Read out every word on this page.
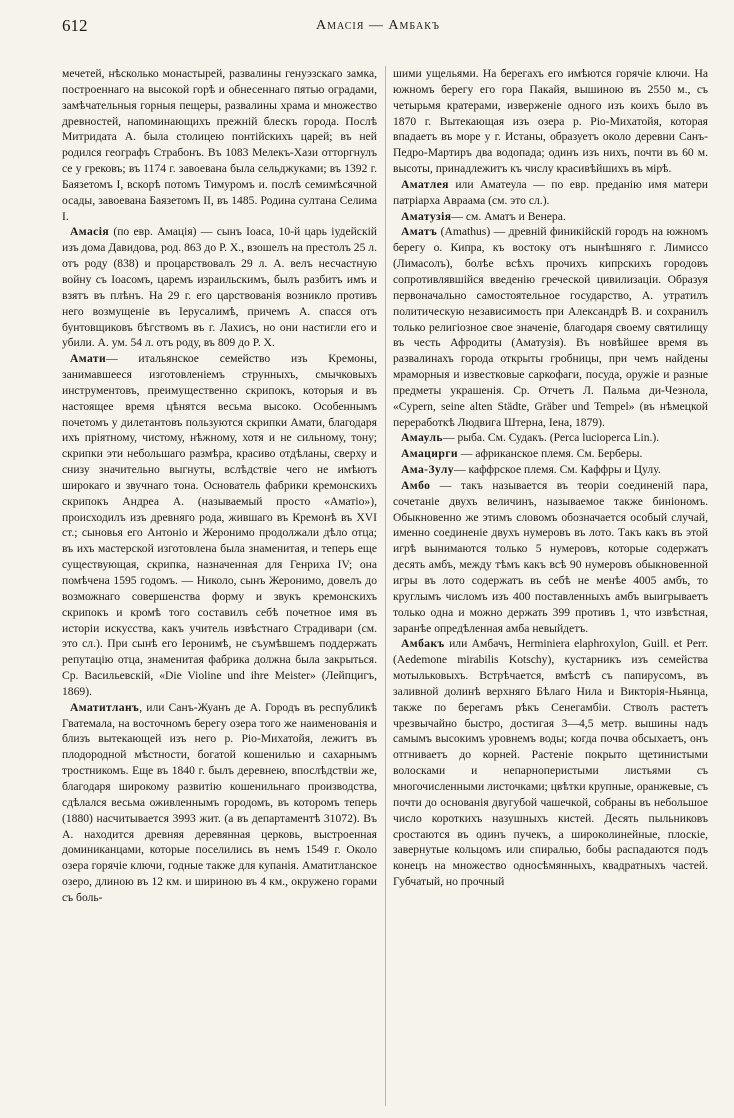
612	Амасія — Амбакъ

мечетей, нѣсколько монастырей, развалины генуэзскаго замка, построеннаго на высокой горѣ и обнесеннаго пятью оградами, замѣчательныя горныя пещеры, развалины храма и множество древностей, напоминающихъ прежній блескъ города. Послѣ Митридата А. была столицею понтійскихъ царей; въ ней родился географъ Страбонъ. Въ 1083 Мелекъ-Хази отторгнулъ се у грековъ; въ 1174 г. завоевана была сельджуками; въ 1392 г. Баязетомъ I, вскорѣ потомъ Тимуромъ и. послѣ семимѣсячной осады, завоевана Баязетомъ II, въ 1485. Родина султана Селима I.

Амасія (по евр. Амація) — сынъ Іоаса, 10-й царь іудейскій изъ дома Давидова, род. 863 до Р. Х., взошелъ на престолъ 25 л. отъ роду (838) и процарствовалъ 29 л. А. велъ несчастную войну съ Іоасомъ, царемъ израильскимъ, былъ разбитъ имъ и взятъ въ плѣнъ. На 29 г. его царствованія возникло противъ него возмущеніе въ Іерусалимѣ, причемъ А. спасся отъ бунтовщиковъ бѣгствомъ въ г. Лахисъ, но они настигли его и убили. А. ум. 54 л. отъ роду, въ 809 до Р. Х.

Амати— итальянское семейство изъ Кремоны, занимавшееся изготовленіемъ струнныхъ, смычковыхъ инструментовъ, преимущественно скрипокъ, которыя и въ настоящее время цѣнятся весьма высоко. Особеннымъ почетомъ у дилетантовъ пользуются скрипки Амати, благодаря ихъ пріятному, чистому, нѣжному, хотя и не сильному, тону; скрипки эти небольшаго размѣра, красиво отдѣланы, сверху и снизу значительно выгнуты, вслѣдствіе чего не имѣютъ широкаго и звучнаго тона. Основатель фабрики кремонскихъ скрипокъ Андреа А. (называемый просто «Аматіо»), происходилъ изъ древняго рода, жившаго въ Кремонѣ въ XVI ст.; сыновья его Антоніо и Жеронимо продолжали дѣло отца; въ ихъ мастерской изготовлена была знаменитая, и теперь еще существующая, скрипка, назначенная для Генриха IV; она помѣчена 1595 годомъ. — Николо, сынъ Жеронимо, довелъ до возможнаго совершенства форму и звукъ кремонскихъ скрипокъ и кромѣ того составилъ себѣ почетное имя въ исторіи искусства, какъ учитель извѣстнаго Страдивари (см. это сл.). При сынѣ его Іеронимѣ, не съумѣвшемъ поддержать репутацію отца, знаменитая фабрика должна была закрыться. Ср. Васильевскій, «Die Violine und ihre Meister» (Лейпцигъ, 1869).

Аматитланъ, или Санъ-Жуанъ де А. Городъ въ республикѣ Гватемала, на восточномъ берегу озера того же наименованія и близъ вытекающей изъ него р. Ріо-Михатойя, лежитъ въ плодородной мѣстности, богатой кошенилью и сахарнымъ тростникомъ. Еще въ 1840 г. былъ деревнею, впослѣдствіи же, благодаря широкому развитію кошенильнаго производства, сдѣлался весьма оживленнымъ городомъ, въ которомъ теперь (1880) насчитывается 3993 жит. (а въ департаментѣ 31072). Въ А. находится древняя деревянная церковь, выстроенная доминиканцами, которые поселились въ немъ 1549 г. Около озера горячіе ключи, годные также для купанія. Аматитланское озеро, длиною въ 12 км. и шириною въ 4 км., окружено горами съ боль-

шими ущельями. На берегахъ его имѣются горячіе ключи. На южномъ берегу его гора Пакайя, вышиною въ 2550 м., съ четырьмя кратерами, изверженіе одного изъ коихъ было въ 1870 г. Вытекающая изъ озера р. Ріо-Михатойя, которая впадаетъ въ море у г. Истаны, образуетъ около деревни Санъ-Педро-Мартиръ два водопада; одинъ изъ нихъ, почти въ 60 м. высоты, принадлежитъ къ числу красивѣйшихъ въ мірѣ.

Аматлея или Аматеула — по евр. преданію имя матери патріарха Авраама (см. это сл.).

Аматузія— см. Аматъ и Венера.

Аматъ (Amathus) — древній финикійскій городъ на южномъ берегу о. Кипра, къ востоку отъ нынѣшняго г. Лимиссо (Лимасолъ), болѣе всѣхъ прочихъ кипрскихъ городовъ сопротивлявшійся введенію греческой цивилизаціи. Образуя первоначально самостоятельное государство, А. утратилъ политическую независимость при Александрѣ В. и сохранилъ только религіозное свое значеніе, благодаря своему святилищу въ честь Афродиты (Аматузія). Въ новѣйшее время въ развалинахъ города открыты гробницы, при чемъ найдены мраморныя и известковые саркофаги, посуда, оружіе и разные предметы украшенія. Ср. Отчетъ Л. Пальма ди-Чезнола, «Cypern, seine alten Städte, Gräber und Tempel» (въ нѣмецкой переработкѣ Людвига Штерна, Іена, 1879).

Амауль— рыба. См. Судакъ. (Perca lucioperca Lin.).

Амацирги — африканское племя. См. Берберы.

Ама-Зулу— каффрское племя. См. Каффры и Цулу.

Амбо — такъ называется въ теоріи соединеній пара, сочетаніе двухъ величинъ, называемое также биніономъ. Обыкновенно же этимъ словомъ обозначается особый случай, именно соединеніе двухъ нумеровъ въ лото. Такъ какъ въ этой игрѣ вынимаются только 5 нумеровъ, которые содержатъ десять амбъ, между тѣмъ какъ всѣ 90 нумеровъ обыкновенной игры въ лото содержатъ въ себѣ не менѣе 4005 амбъ, то круглымъ числомъ изъ 400 поставленныхъ амбъ выигрываетъ только одна и можно держать 399 противъ 1, что извѣстная, заранѣе опредѣленная амба невыйдетъ.

Амбакъ или Амбачъ, Herminiera elaphroxylon, Guill. et Perr. (Aedemone mirabilis Kotschy), кустарникъ изъ семейства мотыльковыхъ. Встрѣчается, вмѣстѣ съ папирусомъ, въ заливной долинѣ верхняго Бѣлаго Нила и Викторія-Ньянца, также по берегамъ рѣкъ Сенегамбіи. Стволъ растетъ чрезвычайно быстро, достигая 3—4,5 метр. вышины надъ самымъ высокимъ уровнемъ воды; когда почва обсыхаетъ, онъ отгниваетъ до корней. Растеніе покрыто щетинистыми волосками и непарноперистыми листьями съ многочисленными листочками; цвѣтки крупные, оранжевые, съ почти до основанія двугубой чашечкой, собраны въ небольшое число короткихъ назушныхъ кистей. Десять пыльниковъ сростаются въ одинъ пучекъ, а широколинейные, плоскіе, завернутые кольцомъ или спиралью, бобы распадаются подъ конецъ на множество односѣмянныхъ, квадратныхъ частей. Губчатый, но прочный
